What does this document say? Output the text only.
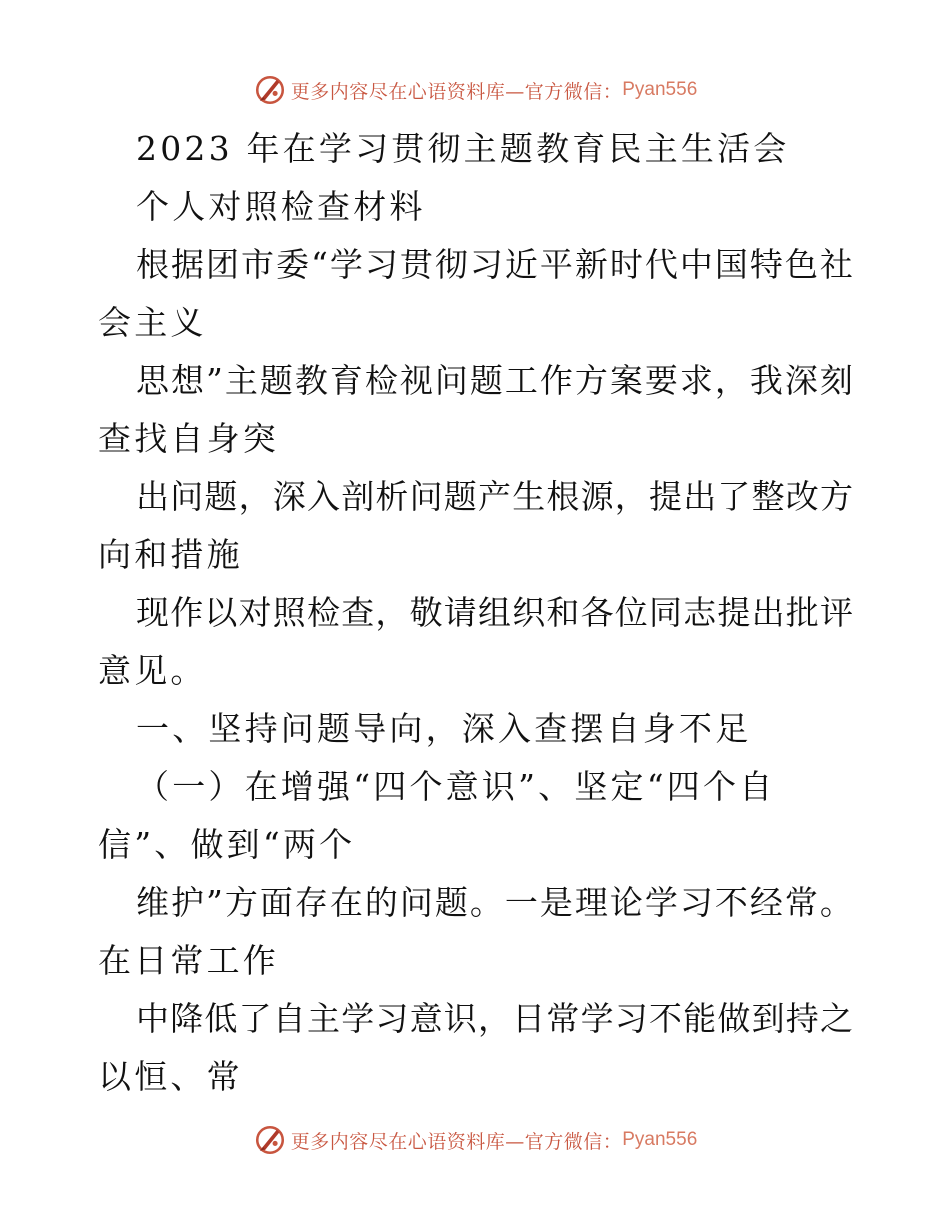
更多内容尽在心语资料库—官方微信： Pyan556
2023 年在学习贯彻主题教育民主生活会
个人对照检查材料
根据团市委“学习贯彻习近平新时代中国特色社
会主义
思想”主题教育检视问题工作方案要求，我深刻
查找自身突
出问题，深入剖析问题产生根源，提出了整改方
向和措施
现作以对照检查，敬请组织和各位同志提出批评
意见。
一、坚持问题导向，深入查摆自身不足
（一）在增强“四个意识”、坚定“四个自
信”、做到“两个
维护”方面存在的问题。一是理论学习不经常。
在日常工作
中降低了自主学习意识，日常学习不能做到持之
以恒、常
更多内容尽在心语资料库—官方微信： Pyan556
